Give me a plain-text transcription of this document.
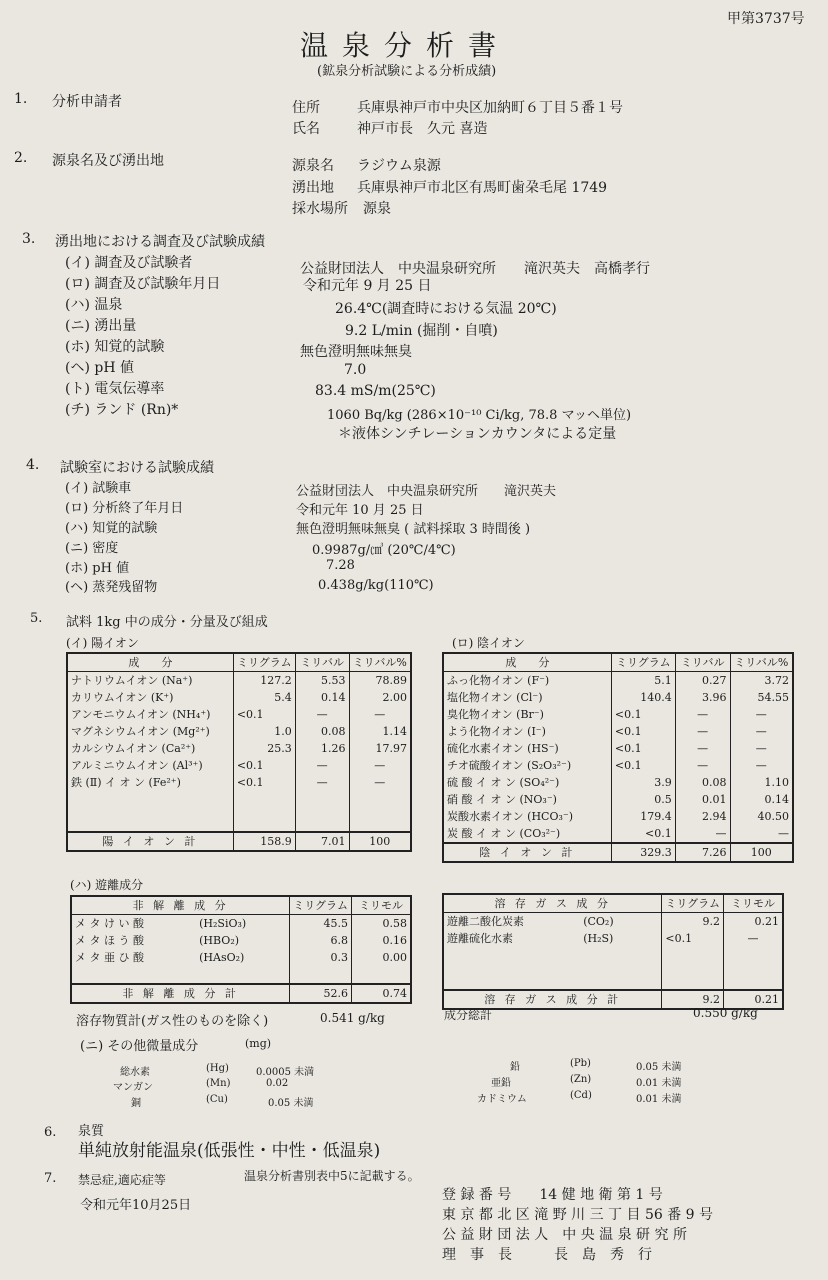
甲第3737号
温泉分析書
(鉱泉分析試験による分析成績)
1. 分析申請者	住所	兵庫県神戸市中央区加納町６丁目５番１号
氏名	神戸市長　久元 喜造
2. 源泉名及び湧出地	源泉名 ラジウム泉源
湧出地 兵庫県神戸市北区有馬町歯朶毛尾 1749
採水場所 源泉
3. 湧出地における調査及び試験成績
(イ) 調査及び試験者	公益財団法人　中央温泉研究所　　滝沢英夫　高橋孝行
(ロ) 調査及び試験年月日	令和元年 9 月 25 日
(ハ) 温泉	26.4℃(調査時における気温 20℃)
(ニ) 湧出量	9.2 L/min (掘削・自噴)
(ホ) 知覚的試験	無色澄明無味無臭
(ヘ) pH 値	7.0
(ト) 電気伝導率	83.4 mS/m(25℃)
(チ) ランド (Rn)*	1060 Bq/kg (286×10⁻¹⁰ Ci/kg, 78.8 マッヘ単位)
＊液体シンチレーションカウンタによる定量
4. 試験室における試験成績
(イ) 試験車	公益財団法人　中央温泉研究所　　滝沢英夫
(ロ) 分析終了年月日	令和元年 10 月 25 日
(ハ) 知覚的試験	無色澄明無味無臭 ( 試料採取 3 時間後 )
(ニ) 密度	0.9987g/㎤ (20℃/4℃)
(ホ) pH 値	7.28
(ヘ) 蒸発残留物	0.438g/kg(110℃)
5. 試料 1kg 中の成分・分量及び組成
(イ) 陽イオン	(ロ) 陰イオン
成　　分	ミリグラム	ミリバル	ミリバル%
ナトリウムイオン (Na⁺)	127.2	5.53	78.89
カリウムイオン (K⁺)	5.4	0.14	2.00
アンモニウムイオン (NH₄⁺)	<0.1	—	—
マグネシウムイオン (Mg²⁺)	1.0	0.08	1.14
カルシウムイオン (Ca²⁺)	25.3	1.26	17.97
アルミニウムイオン (Al³⁺)	<0.1	—	—
鉄 (Ⅱ) イ オ ン (Fe²⁺)	<0.1	—	—

陽 イ オ ン 計	158.9	7.01	100
成　　分	ミリグラム	ミリバル	ミリバル%
ふっ化物イオン (F⁻)	5.1	0.27	3.72
塩化物イオン (Cl⁻)	140.4	3.96	54.55
臭化物イオン (Br⁻)	<0.1	—	—
よう化物イオン (I⁻)	<0.1	—	—
硫化水素イオン (HS⁻)	<0.1	—	—
チオ硫酸イオン (S₂O₃²⁻)	<0.1	—	—
硫 酸 イ オ ン (SO₄²⁻)	3.9	0.08	1.10
硝 酸 イ オ ン (NO₃⁻)	0.5	0.01	0.14
炭酸水素イオン (HCO₃⁻)	179.4	2.94	40.50
炭 酸 イ オ ン (CO₃²⁻)	<0.1	—	—
陰 イ オ ン 計	329.3	7.26	100
(ハ) 遊離成分
非 解 離 成 分		ミリグラム	ミリモル
メ タ け い 酸	(H₂SiO₃)	45.5	0.58
メ タ ほ う 酸	(HBO₂)	6.8	0.16
メ タ 亜 ひ 酸	(HAsO₂)	0.3	0.00

非 解 離 成 分 計		52.6	0.74
溶 存 ガ ス 成 分		ミリグラム	ミリモル
遊離二酸化炭素	(CO₂)	9.2	0.21
遊離硫化水素	(H₂S)	<0.1	—

溶 存 ガ ス 成 分 計		9.2	0.21
溶存物質計(ガス性のものを除く)	0.541 g/kg	成分総計	0.550 g/kg
(ニ) その他微量成分	(mg)
総水素	(Hg)	0.0005 未満
マンガン	(Mn)	0.02
銅	(Cu)	0.05 未満
鉛	(Pb)	0.05 未満
亜鉛	(Zn)	0.01 未満
カドミウム	(Cd)	0.01 未満
6. 泉質
単純放射能温泉(低張性・中性・低温泉)
7. 禁忌症,適応症等	温泉分析書別表中5に記載する。
令和元年10月25日
登 録 番 号　　14 健 地 衛 第 1 号
東 京 都 北 区 滝 野 川 三 丁 目 56 番 9 号
公 益 財 団 法 人　中 央 温 泉 研 究 所
理　事　長　　　長　島　秀　行
